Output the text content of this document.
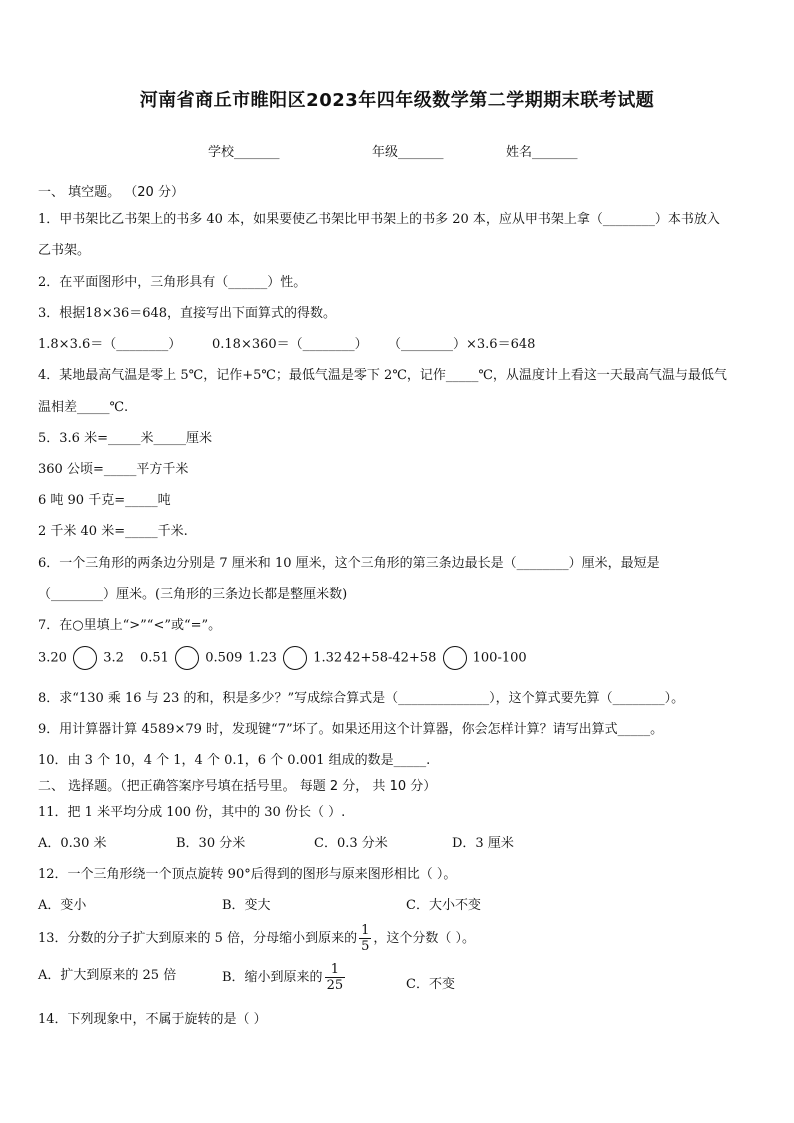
河南省商丘市睢阳区2023年四年级数学第二学期期末联考试题
学校_______	年级_______	姓名_______
一、 填空题。 （20 分）
1．甲书架比乙书架上的书多 40 本，如果要使乙书架比甲书架上的书多 20 本，应从甲书架上拿（________）本书放入
乙书架。
2．在平面图形中，三角形具有（______）性。
3．根据18×36＝648，直接写出下面算式的得数。
1.8×3.6＝（________） 0.18×360＝（________） （________）×3.6＝648
4．某地最高气温是零上 5℃，记作+5℃；最低气温是零下 2℃，记作_____℃，从温度计上看这一天最高气温与最低气
温相差_____℃.
5．3.6 米=_____米_____厘米
360 公顷=_____平方千米
6 吨 90 千克=_____吨
2 千米 40 米=_____千米.
6．一个三角形的两条边分别是 7 厘米和 10 厘米，这个三角形的第三条边最长是（________）厘米，最短是
（________）厘米。(三角形的三条边长都是整厘米数)
7．在○里填上“>”“<”或“=”。
3.20	3.2 0.51	0.509 1.23	1.32 42+58-42+58	100-100
8．求“130 乘 16 与 23 的和，积是多少？”写成综合算式是（______________），这个算式要先算（________）。
9．用计算器计算 4589×79 时，发现键“7”坏了。如果还用这个计算器，你会怎样计算？请写出算式_____。
10．由 3 个 10，4 个 1，4 个 0.1，6 个 0.001 组成的数是_____.
二、 选择题。（把正确答案序号填在括号里。 每题 2 分， 共 10 分）
11．把 1 米平均分成 100 份，其中的 30 份长（ ）.
A．0.30 米	B．30 分米	C．0.3 分米	D．3 厘米
12．一个三角形绕一个顶点旋转 90°后得到的图形与原来图形相比（ ）。
A．变小	B．变大	C．大小不变
13．分数的分子扩大到原来的 5 倍，分母缩小到原来的 $\frac{1}{5}$ ，这个分数（ ）。
A．扩大到原来的 25 倍	B．缩小到原来的 $\frac{1}{25}$	C．不变
14．下列现象中，不属于旋转的是（ ）
